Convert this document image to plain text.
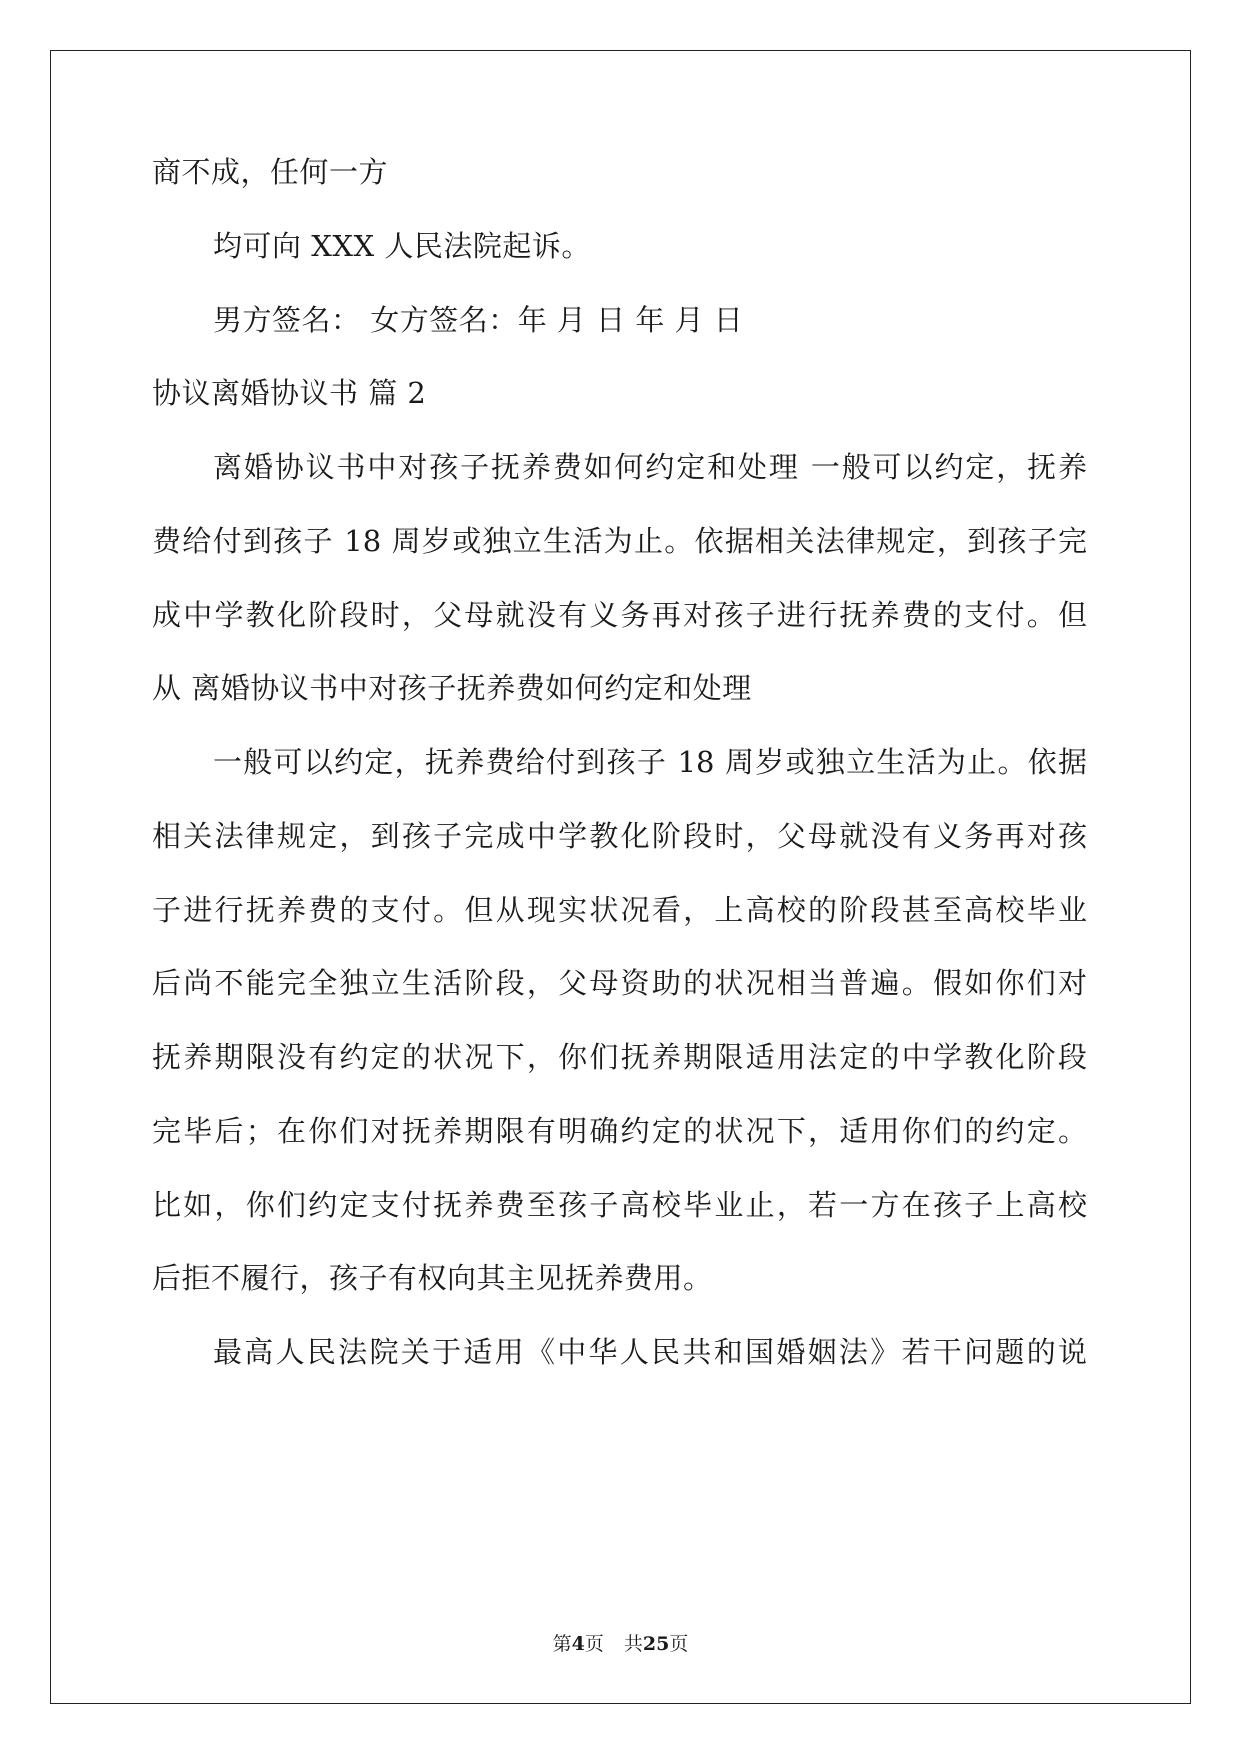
商不成，任何一方
均可向 XXX 人民法院起诉。
男方签名： 女方签名：年 月 日 年 月 日
协议离婚协议书 篇 2
离婚协议书中对孩子抚养费如何约定和处理 一般可以约定，抚养
费给付到孩子 18 周岁或独立生活为止。依据相关法律规定，到孩子完
成中学教化阶段时，父母就没有义务再对孩子进行抚养费的支付。但
从 离婚协议书中对孩子抚养费如何约定和处理
一般可以约定，抚养费给付到孩子 18 周岁或独立生活为止。依据
相关法律规定，到孩子完成中学教化阶段时，父母就没有义务再对孩
子进行抚养费的支付。但从现实状况看，上高校的阶段甚至高校毕业
后尚不能完全独立生活阶段，父母资助的状况相当普遍。假如你们对
抚养期限没有约定的状况下，你们抚养期限适用法定的中学教化阶段
完毕后；在你们对抚养期限有明确约定的状况下，适用你们的约定。
比如，你们约定支付抚养费至孩子高校毕业止，若一方在孩子上高校
后拒不履行，孩子有权向其主见抚养费用。
最高人民法院关于适用《中华人民共和国婚姻法》若干问题的说
第4页 共25页
